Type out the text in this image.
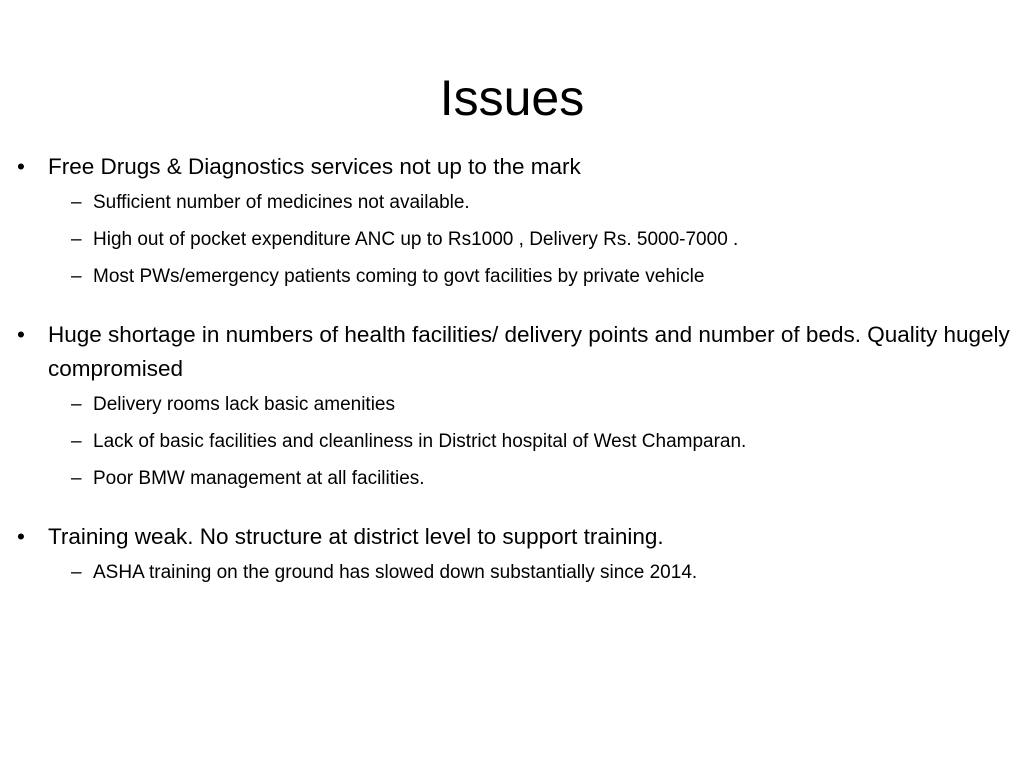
Issues

• Free Drugs & Diagnostics services not up to the mark

– Sufficient number of medicines not available.

– High out of pocket expenditure ANC up to Rs1000 , Delivery Rs. 5000-7000 .

– Most PWs/emergency patients coming to govt facilities by private vehicle

• Huge shortage in numbers of health facilities/ delivery points and number of beds. Quality hugely compromised

– Delivery rooms lack basic amenities

– Lack of basic facilities and cleanliness in District hospital of West Champaran.

– Poor BMW management at all facilities.

• Training weak. No structure at district level to support training.

– ASHA training on the ground has slowed down substantially since 2014.
